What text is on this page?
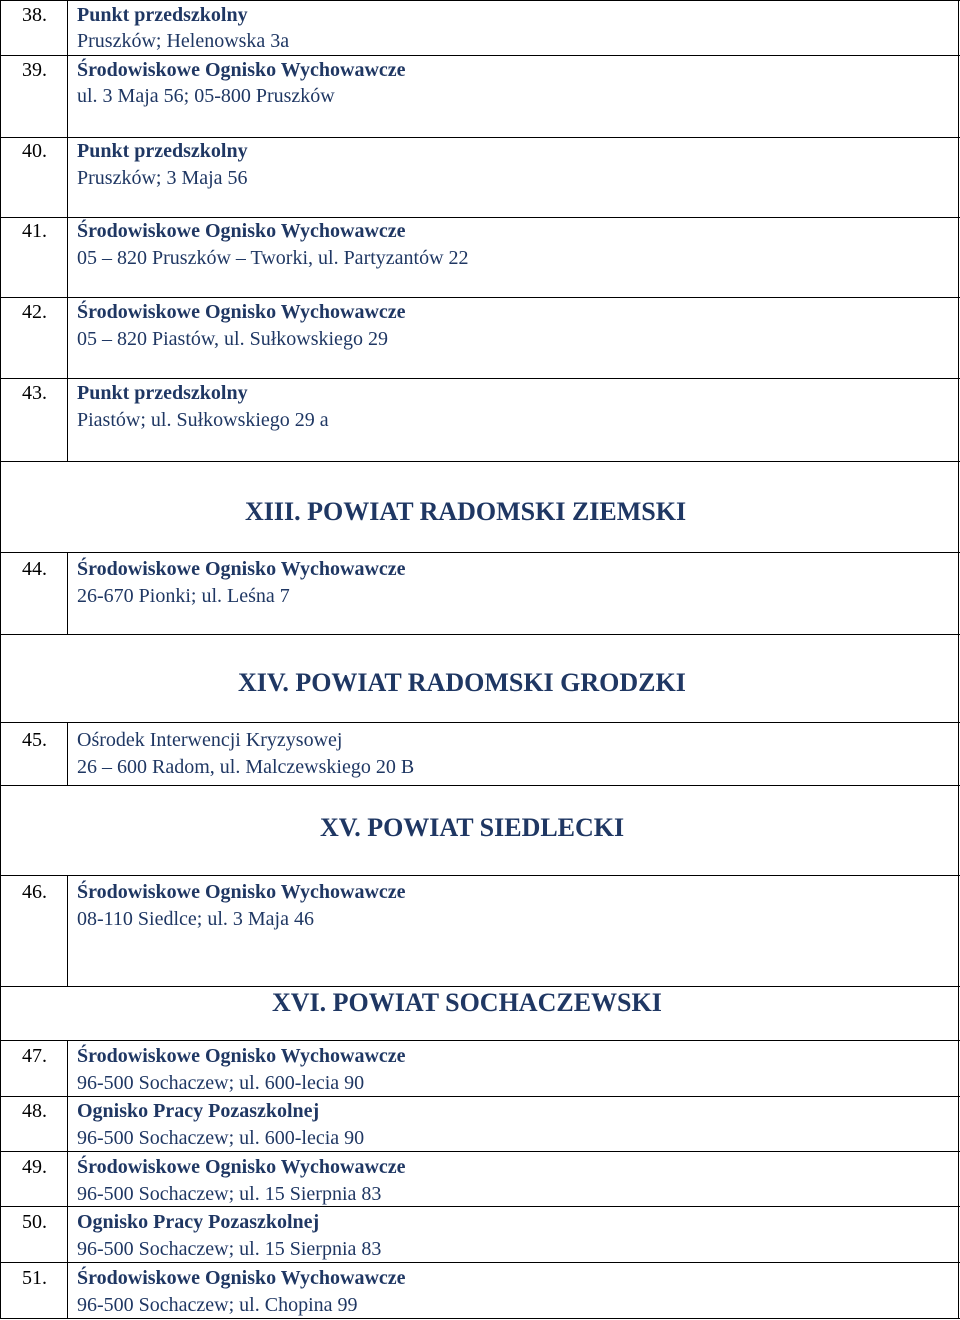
38. Punkt przedszkolny
Pruszków; Helenowska 3a
39. Środowiskowe Ognisko Wychowawcze
ul. 3 Maja 56; 05-800 Pruszków
40. Punkt przedszkolny
Pruszków; 3 Maja 56
41. Środowiskowe Ognisko Wychowawcze
05 – 820 Pruszków – Tworki, ul. Partyzantów 22
42. Środowiskowe Ognisko Wychowawcze
05 – 820 Piastów, ul. Sułkowskiego 29
43. Punkt przedszkolny
Piastów; ul. Sułkowskiego 29 a
XIII. POWIAT RADOMSKI ZIEMSKI
44. Środowiskowe Ognisko Wychowawcze
26-670 Pionki; ul. Leśna 7
XIV. POWIAT RADOMSKI GRODZKI
45. Ośrodek Interwencji Kryzysowej
26 – 600 Radom, ul. Malczewskiego 20 B
XV. POWIAT SIEDLECKI
46. Środowiskowe Ognisko Wychowawcze
08-110 Siedlce; ul. 3 Maja 46
XVI. POWIAT SOCHACZEWSKI
47. Środowiskowe Ognisko Wychowawcze
96-500 Sochaczew; ul. 600-lecia 90
48. Ognisko Pracy Pozaszkolnej
96-500 Sochaczew; ul. 600-lecia 90
49. Środowiskowe Ognisko Wychowawcze
96-500 Sochaczew; ul. 15 Sierpnia 83
50. Ognisko Pracy Pozaszkolnej
96-500 Sochaczew; ul. 15 Sierpnia 83
51. Środowiskowe Ognisko Wychowawcze
96-500 Sochaczew; ul. Chopina 99
